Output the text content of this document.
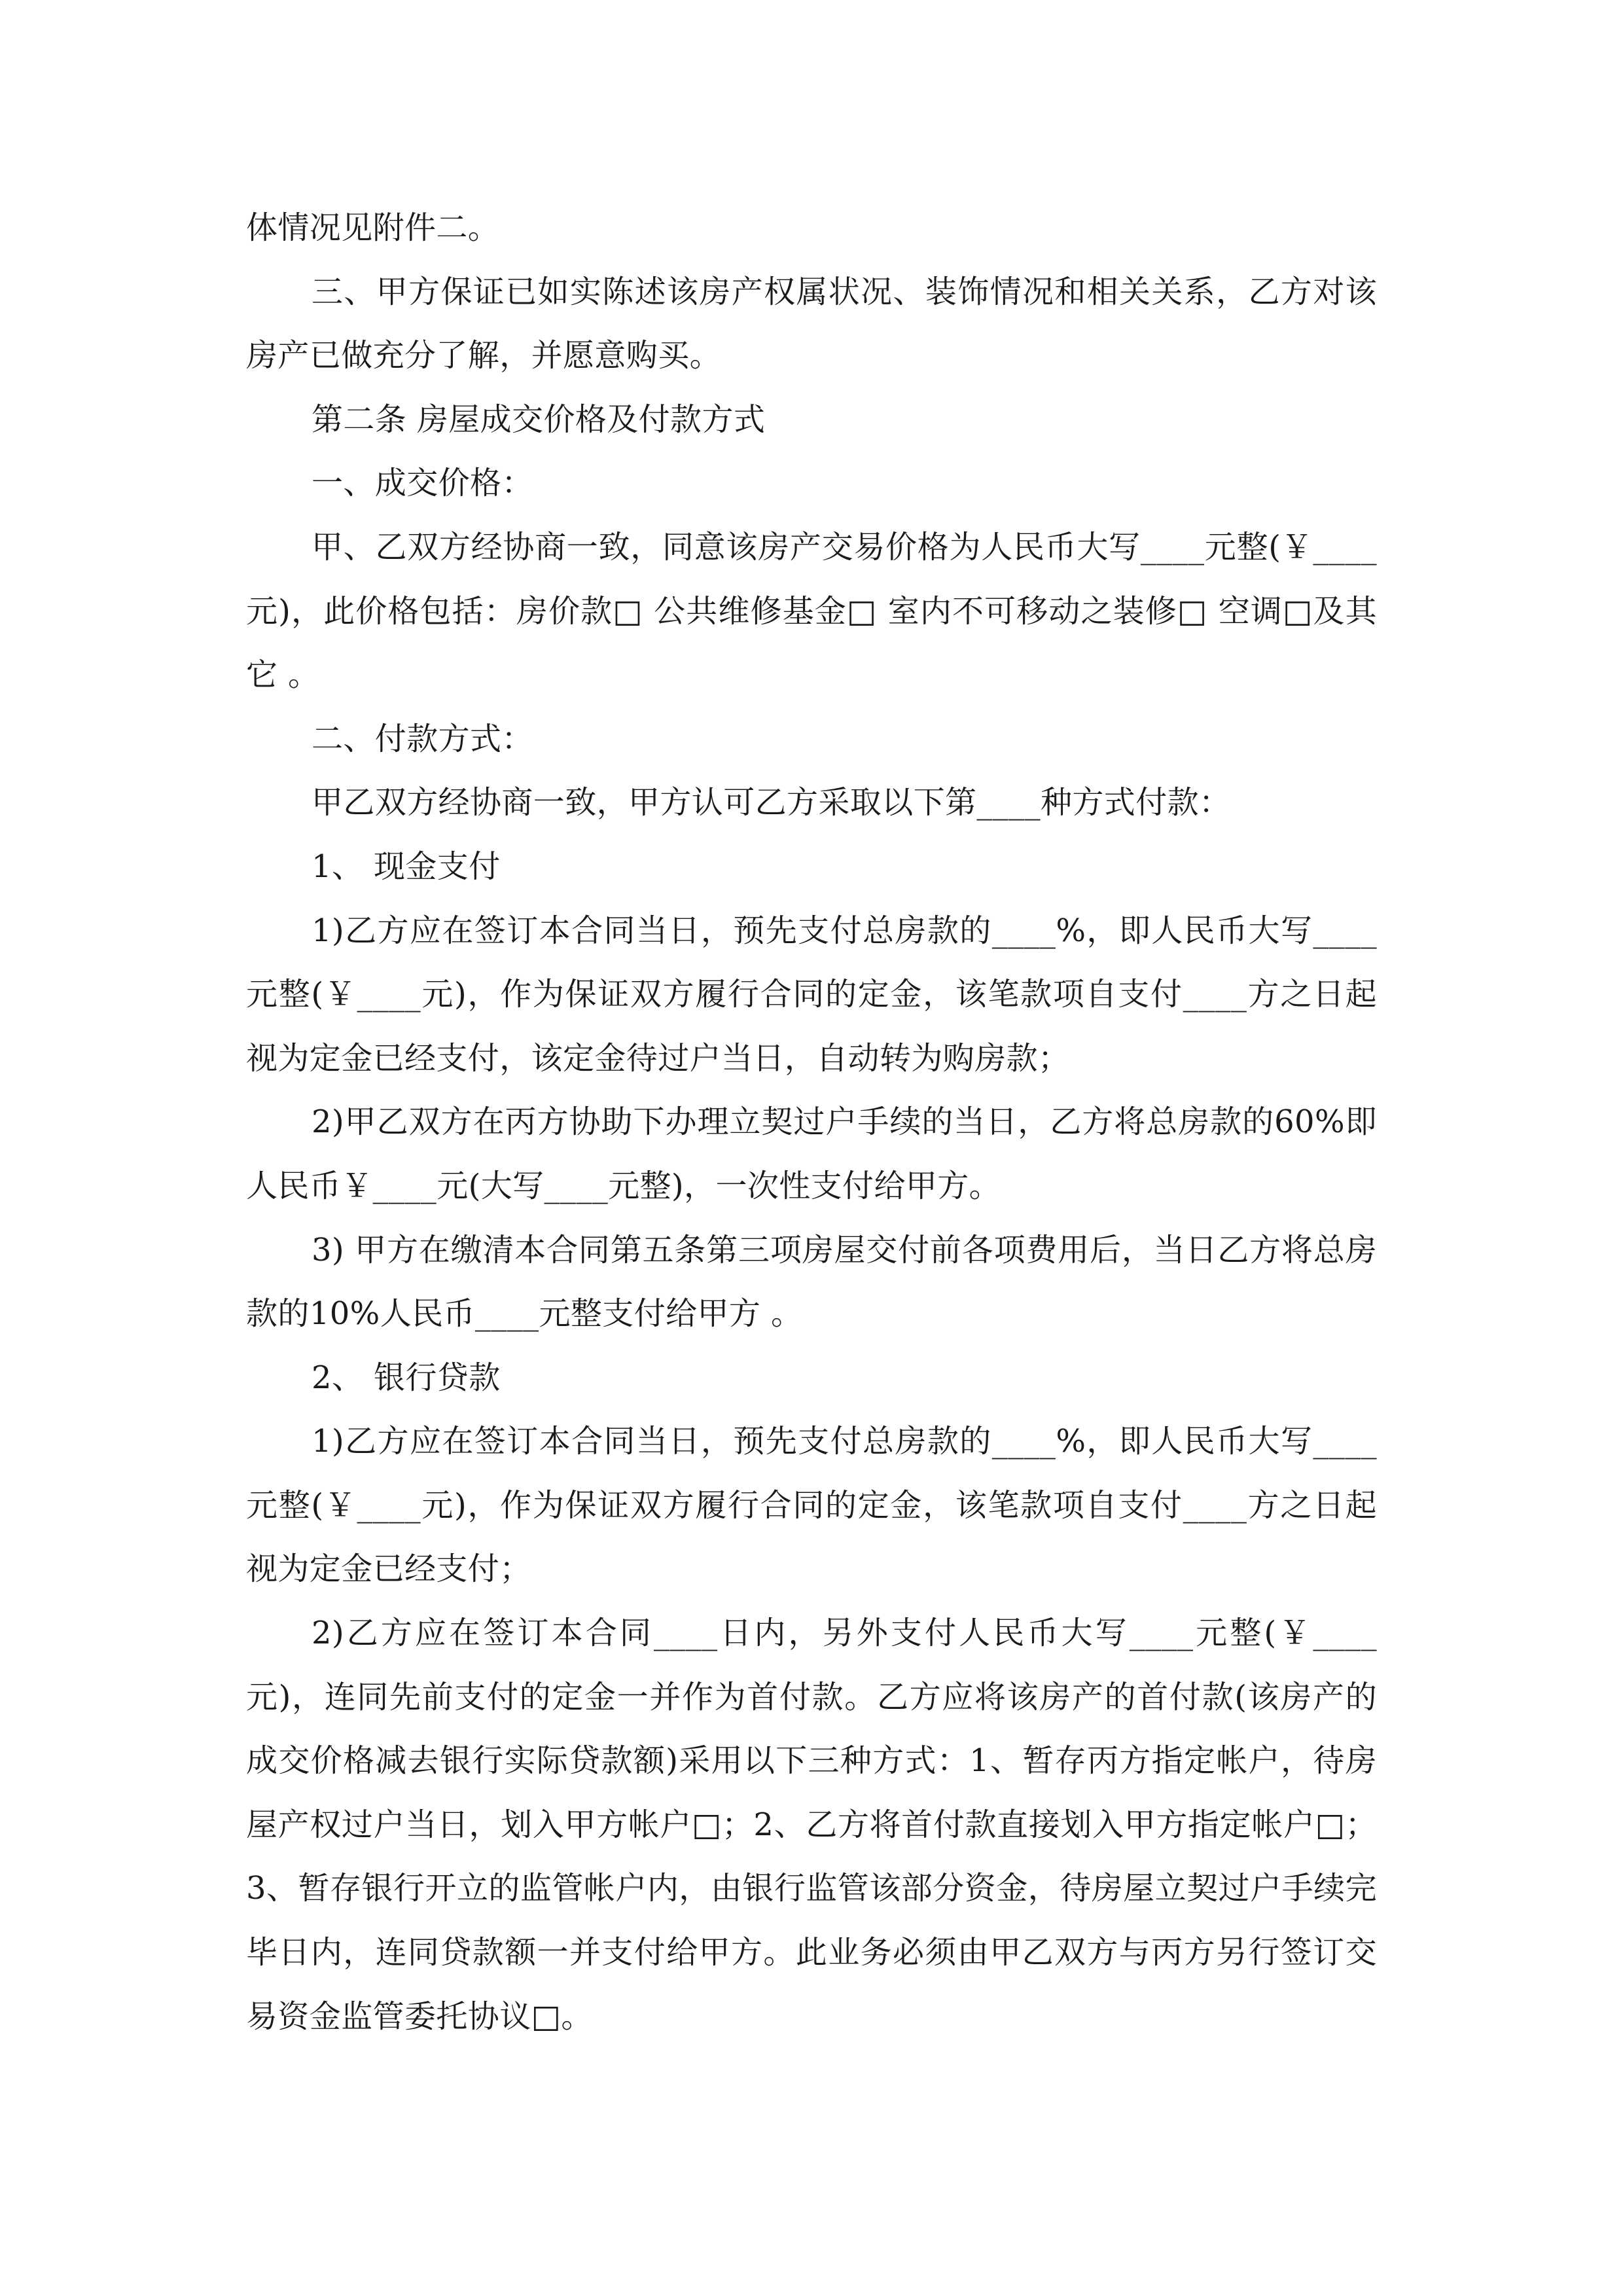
体情况见附件二。

三、甲方保证已如实陈述该房产权属状况、装饰情况和相关关系，乙方对该房产已做充分了解，并愿意购买。

第二条 房屋成交价格及付款方式

一、成交价格：

甲、乙双方经协商一致，同意该房产交易价格为人民币大写____元整(￥____元)，此价格包括：房价款□ 公共维修基金□ 室内不可移动之装修□ 空调□及其它 。

二、付款方式：

甲乙双方经协商一致，甲方认可乙方采取以下第____种方式付款：

1、 现金支付

1)乙方应在签订本合同当日，预先支付总房款的____%，即人民币大写____元整(￥____元)，作为保证双方履行合同的定金，该笔款项自支付____方之日起视为定金已经支付，该定金待过户当日，自动转为购房款；

2)甲乙双方在丙方协助下办理立契过户手续的当日，乙方将总房款的60%即人民币￥____元(大写____元整)，一次性支付给甲方。

3) 甲方在缴清本合同第五条第三项房屋交付前各项费用后，当日乙方将总房款的10%人民币____元整支付给甲方 。

2、 银行贷款

1)乙方应在签订本合同当日，预先支付总房款的____%，即人民币大写____元整(￥____元)，作为保证双方履行合同的定金，该笔款项自支付____方之日起视为定金已经支付；

2)乙方应在签订本合同____日内，另外支付人民币大写____元整(￥____元)，连同先前支付的定金一并作为首付款。乙方应将该房产的首付款(该房产的成交价格减去银行实际贷款额)采用以下三种方式：1、暂存丙方指定帐户，待房屋产权过户当日，划入甲方帐户□；2、乙方将首付款直接划入甲方指定帐户□；3、暂存银行开立的监管帐户内，由银行监管该部分资金，待房屋立契过户手续完毕日内，连同贷款额一并支付给甲方。此业务必须由甲乙双方与丙方另行签订交易资金监管委托协议□。
